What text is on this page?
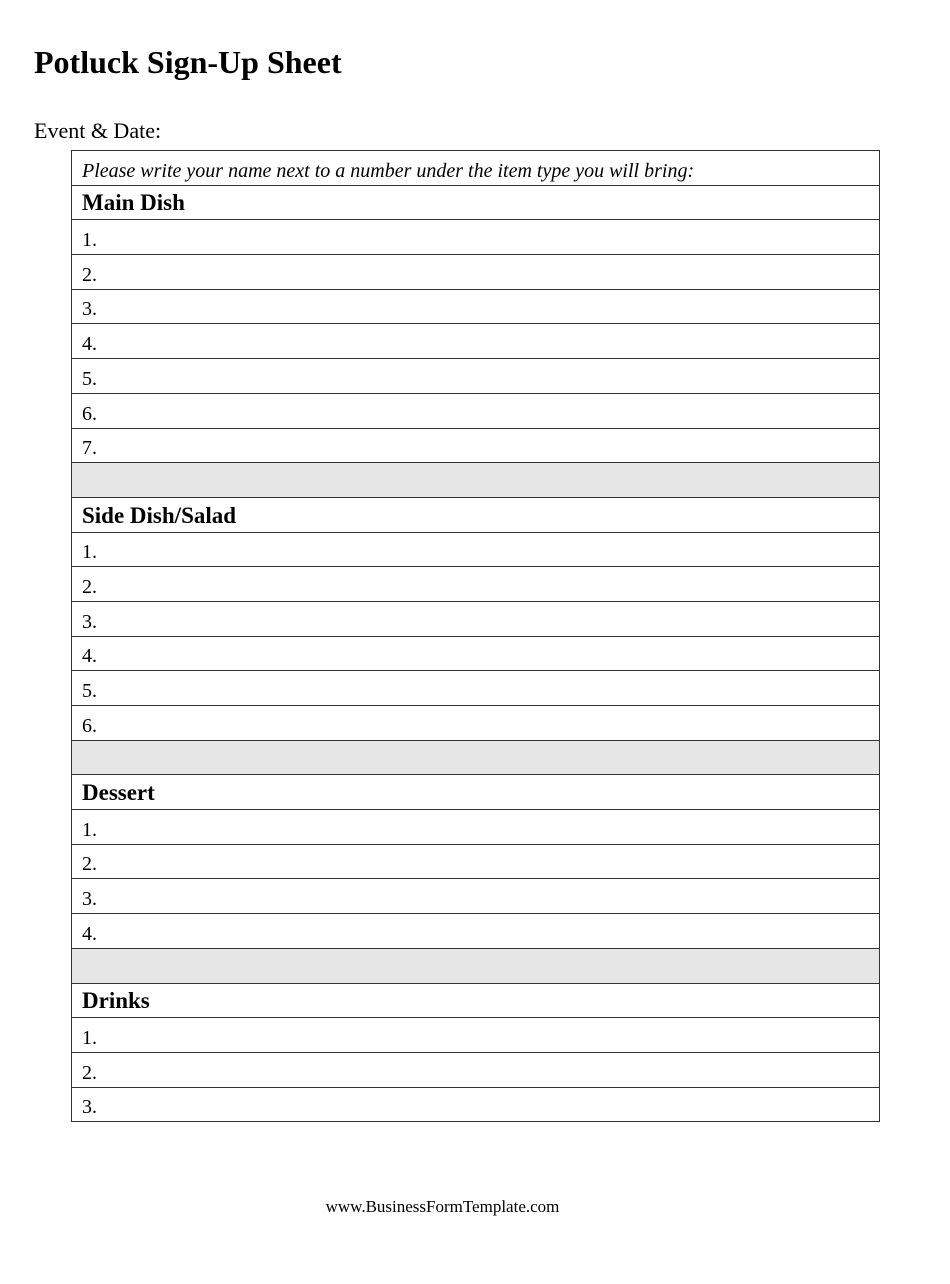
Potluck Sign-Up Sheet
Event & Date:
Please write your name next to a number under the item type you will bring:
Main Dish
1.
2.
3.
4.
5.
6.
7.

Side Dish/Salad
1.
2.
3.
4.
5.
6.

Dessert
1.
2.
3.
4.

Drinks
1.
2.
3.
www.BusinessFormTemplate.com
